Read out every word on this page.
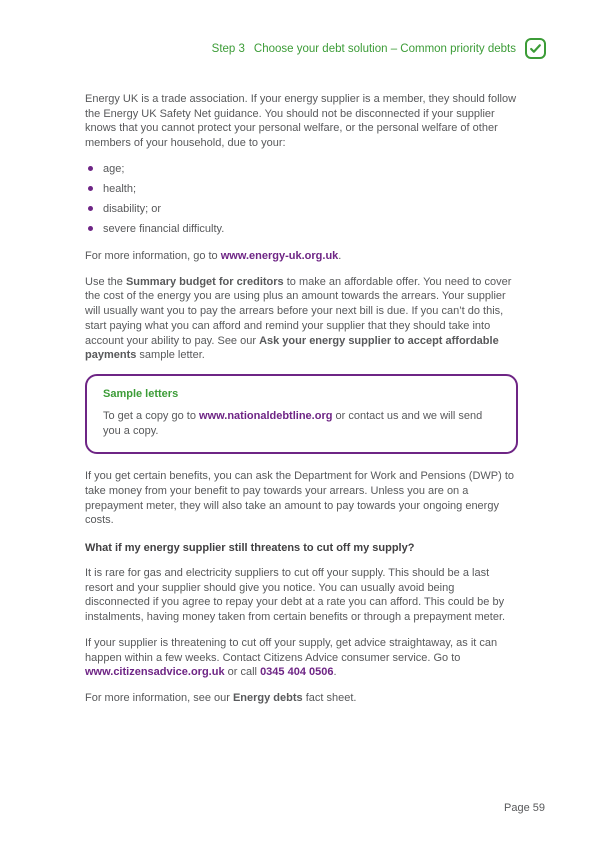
Step 3 Choose your debt solution – Common priority debts

Energy UK is a trade association. If your energy supplier is a member, they should follow the Energy UK Safety Net guidance. You should not be disconnected if your supplier knows that you cannot protect your personal welfare, or the personal welfare of other members of your household, due to your:

age;
health;
disability; or
severe financial difficulty.

For more information, go to www.energy-uk.org.uk.

Use the Summary budget for creditors to make an affordable offer. You need to cover the cost of the energy you are using plus an amount towards the arrears. Your supplier will usually want you to pay the arrears before your next bill is due. If you can’t do this, start paying what you can afford and remind your supplier that they should take into account your ability to pay. See our Ask your energy supplier to accept affordable payments sample letter.

Sample letters

To get a copy go to www.nationaldebtline.org or contact us and we will send you a copy.

If you get certain benefits, you can ask the Department for Work and Pensions (DWP) to take money from your benefit to pay towards your arrears. Unless you are on a prepayment meter, they will also take an amount to pay towards your ongoing energy costs.

What if my energy supplier still threatens to cut off my supply?

It is rare for gas and electricity suppliers to cut off your supply. This should be a last resort and your supplier should give you notice. You can usually avoid being disconnected if you agree to repay your debt at a rate you can afford. This could be by instalments, having money taken from certain benefits or through a prepayment meter.

If your supplier is threatening to cut off your supply, get advice straightaway, as it can happen within a few weeks. Contact Citizens Advice consumer service. Go to www.citizensadvice.org.uk or call 0345 404 0506.

For more information, see our Energy debts fact sheet.

Page 59
